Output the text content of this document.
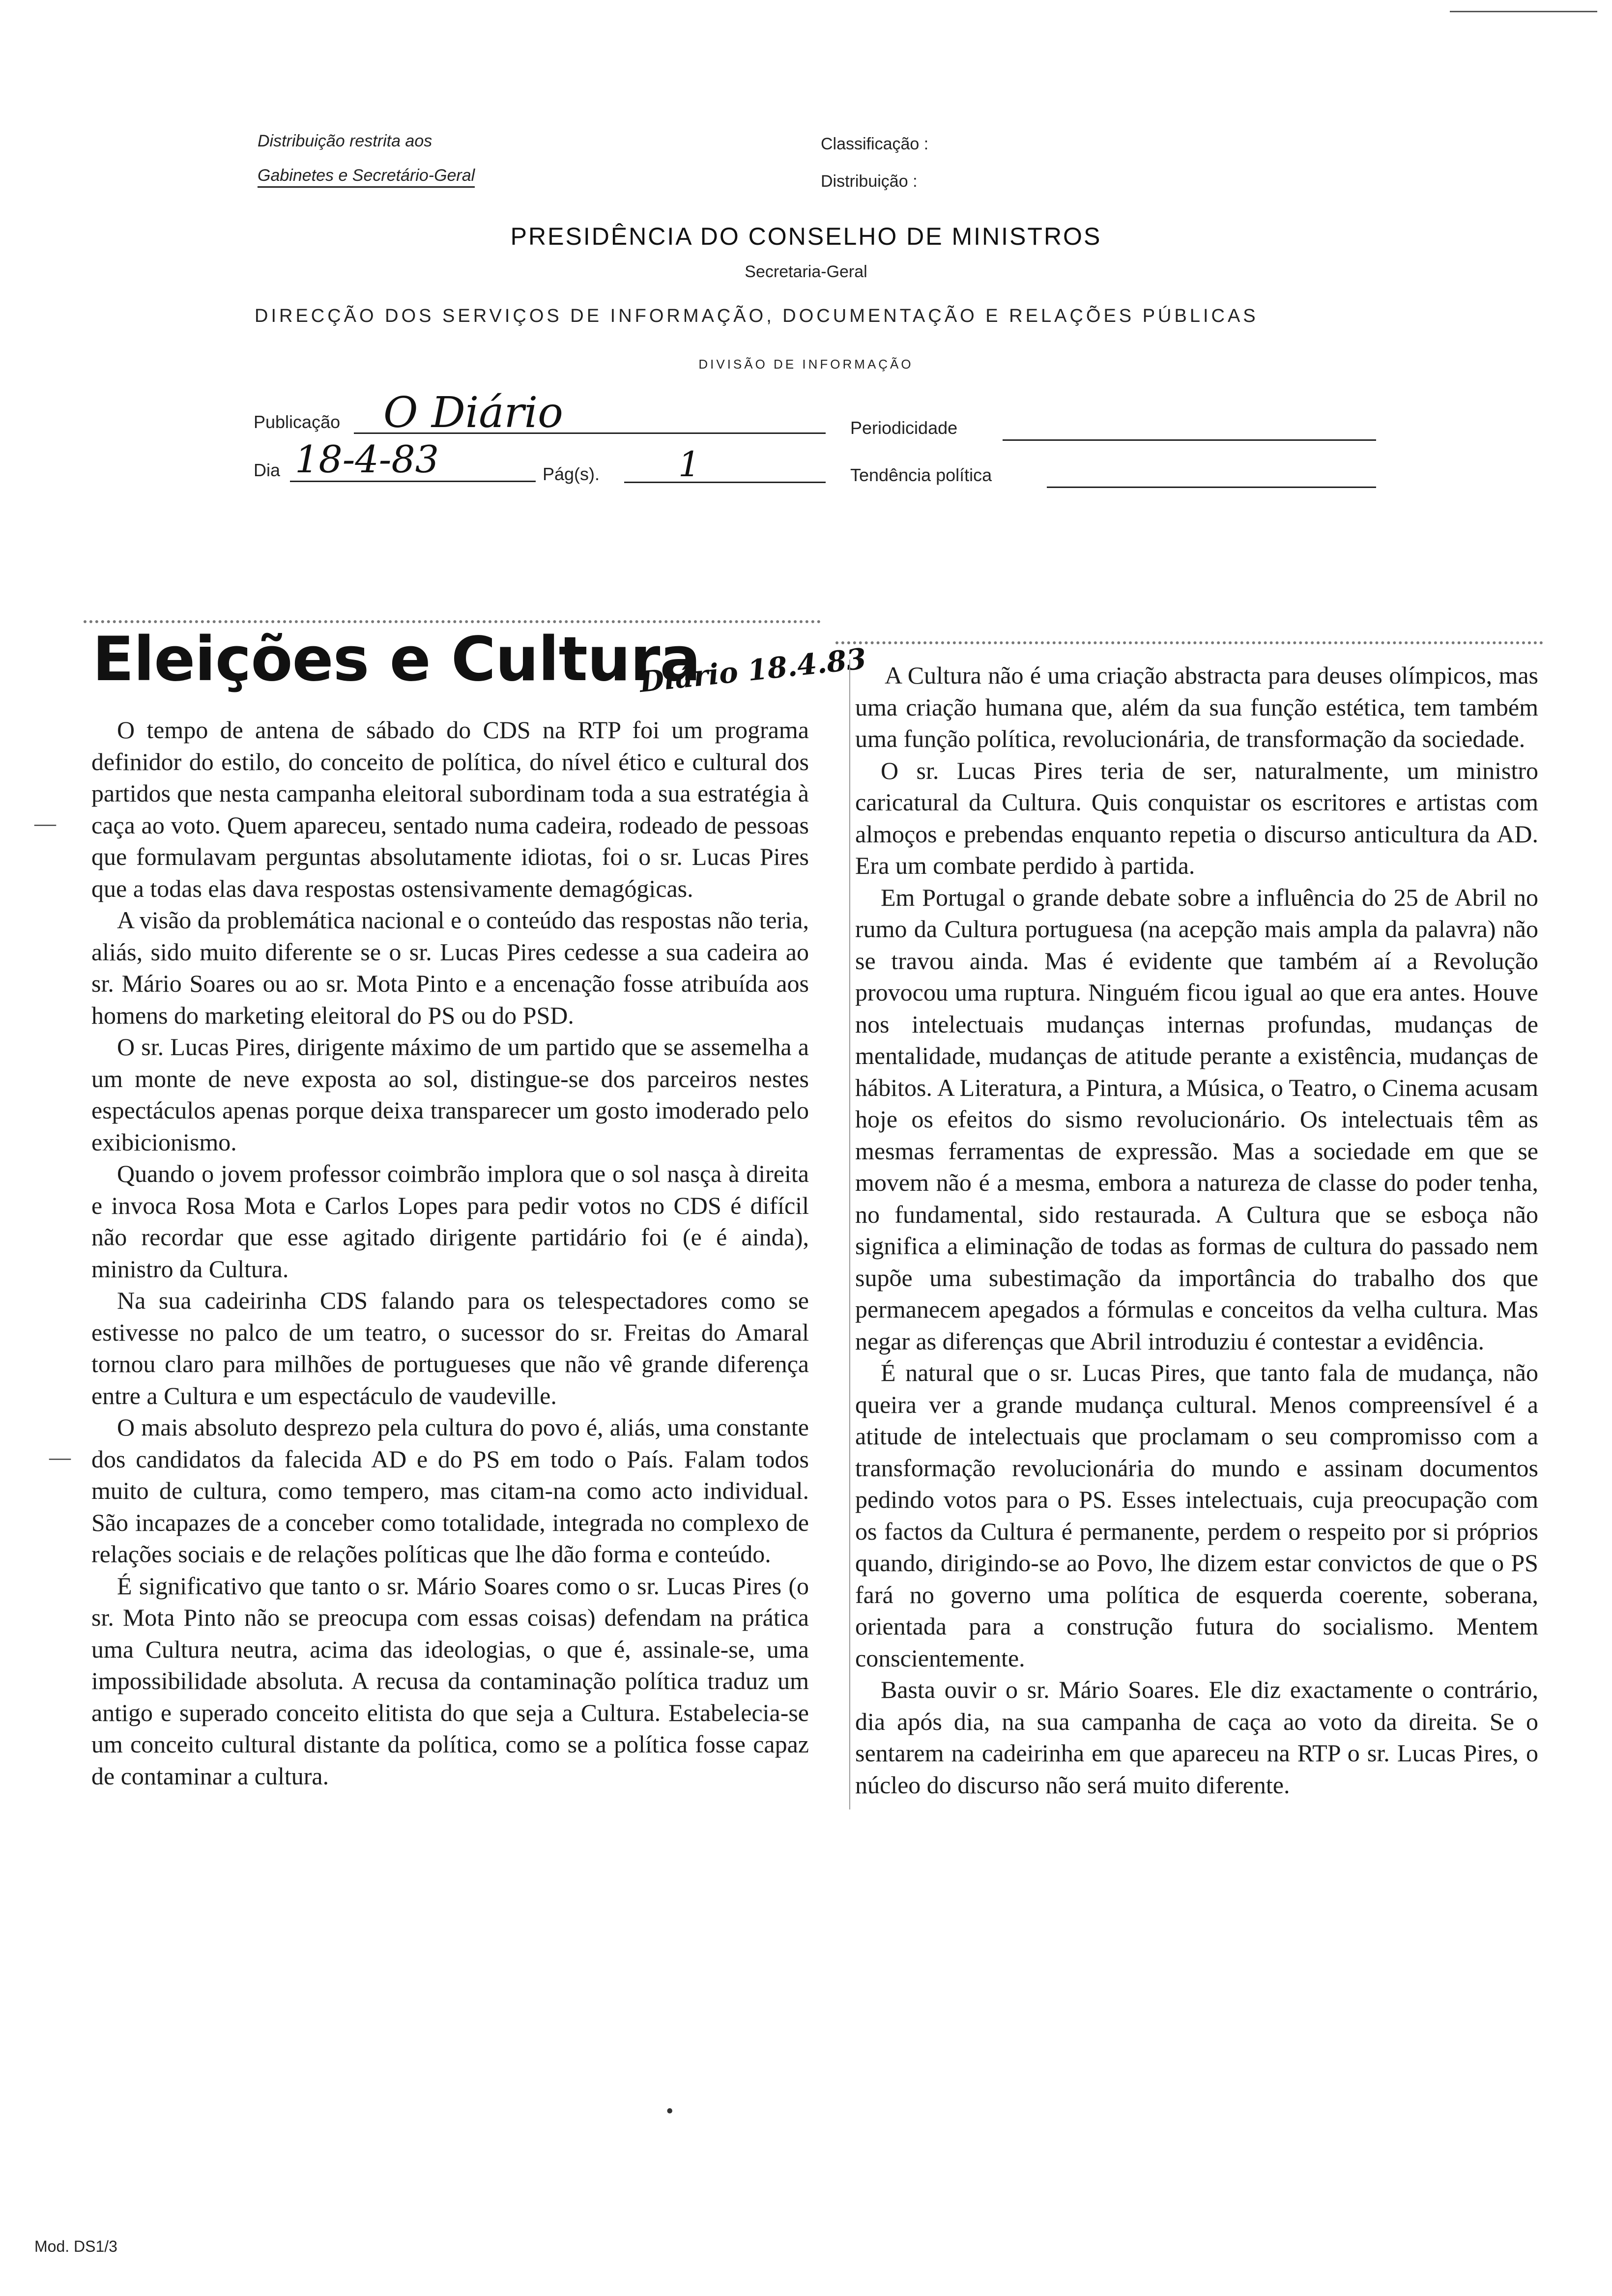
Distribuição restrita aos
Gabinetes e Secretário-Geral
Classificação :
Distribuição :
PRESIDÊNCIA DO CONSELHO DE MINISTROS
Secretaria-Geral
DIRECÇÃO DOS SERVIÇOS DE INFORMAÇÃO, DOCUMENTAÇÃO E RELAÇÕES PÚBLICAS
DIVISÃO DE INFORMAÇÃO
Publicação O Diário	Periodicidade
Dia 18-4-83	Pág(s). 1	Tendência política
Eleições e Cultura
Diário 18.4.83

O tempo de antena de sábado do CDS na RTP foi um programa definidor do estilo, do conceito de política, do nível ético e cultural dos partidos que nesta campanha eleitoral subordinam toda a sua estratégia à caça ao voto. Quem apareceu, sentado numa cadeira, rodeado de pessoas que formulavam perguntas absolutamente idiotas, foi o sr. Lucas Pires que a todas elas dava respostas ostensivamente demagógicas.

A visão da problemática nacional e o conteúdo das respostas não teria, aliás, sido muito diferente se o sr. Lucas Pires cedesse a sua cadeira ao sr. Mário Soares ou ao sr. Mota Pinto e a encenação fosse atribuída aos homens do marketing eleitoral do PS ou do PSD.

O sr. Lucas Pires, dirigente máximo de um partido que se assemelha a um monte de neve exposta ao sol, distingue-se dos parceiros nestes espectáculos apenas porque deixa transparecer um gosto imoderado pelo exibicionismo.

Quando o jovem professor coimbrão implora que o sol nasça à direita e invoca Rosa Mota e Carlos Lopes para pedir votos no CDS é difícil não recordar que esse agitado dirigente partidário foi (e é ainda), ministro da Cultura.

Na sua cadeirinha CDS falando para os telespectadores como se estivesse no palco de um teatro, o sucessor do sr. Freitas do Amaral tornou claro para milhões de portugueses que não vê grande diferença entre a Cultura e um espectáculo de vaudeville.

O mais absoluto desprezo pela cultura do povo é, aliás, uma constante dos candidatos da falecida AD e do PS em todo o País. Falam todos muito de cultura, como tempero, mas citam-na como acto individual. São incapazes de a conceber como totalidade, integrada no complexo de relações sociais e de relações políticas que lhe dão forma e conteúdo.

É significativo que tanto o sr. Mário Soares como o sr. Lucas Pires (o sr. Mota Pinto não se preocupa com essas coisas) defendam na prática uma Cultura neutra, acima das ideologias, o que é, assinale-se, uma impossibilidade absoluta. A recusa da contaminação política traduz um antigo e superado conceito elitista do que seja a Cultura. Estabelecia-se um conceito cultural distante da política, como se a política fosse capaz de contaminar a cultura.

A Cultura não é uma criação abstracta para deuses olímpicos, mas uma criação humana que, além da sua função estética, tem também uma função política, revolucionária, de transformação da sociedade.

O sr. Lucas Pires teria de ser, naturalmente, um ministro caricatural da Cultura. Quis conquistar os escritores e artistas com almoços e prebendas enquanto repetia o discurso anticultura da AD. Era um combate perdido à partida.

Em Portugal o grande debate sobre a influência do 25 de Abril no rumo da Cultura portuguesa (na acepção mais ampla da palavra) não se travou ainda. Mas é evidente que também aí a Revolução provocou uma ruptura. Ninguém ficou igual ao que era antes. Houve nos intelectuais mudanças internas profundas, mudanças de mentalidade, mudanças de atitude perante a existência, mudanças de hábitos. A Literatura, a Pintura, a Música, o Teatro, o Cinema acusam hoje os efeitos do sismo revolucionário. Os intelectuais têm as mesmas ferramentas de expressão. Mas a sociedade em que se movem não é a mesma, embora a natureza de classe do poder tenha, no fundamental, sido restaurada. A Cultura que se esboça não significa a eliminação de todas as formas de cultura do passado nem supõe uma subestimação da importância do trabalho dos que permanecem apegados a fórmulas e conceitos da velha cultura. Mas negar as diferenças que Abril introduziu é contestar a evidência.

É natural que o sr. Lucas Pires, que tanto fala de mudança, não queira ver a grande mudança cultural. Menos compreensível é a atitude de intelectuais que proclamam o seu compromisso com a transformação revolucionária do mundo e assinam documentos pedindo votos para o PS. Esses intelectuais, cuja preocupação com os factos da Cultura é permanente, perdem o respeito por si próprios quando, dirigindo-se ao Povo, lhe dizem estar convictos de que o PS fará no governo uma política de esquerda coerente, soberana, orientada para a construção futura do socialismo. Mentem conscientemente.

Basta ouvir o sr. Mário Soares. Ele diz exactamente o contrário, dia após dia, na sua campanha de caça ao voto da direita. Se o sentarem na cadeirinha em que apareceu na RTP o sr. Lucas Pires, o núcleo do discurso não será muito diferente.

—
—
•
Mod. DS1/3
